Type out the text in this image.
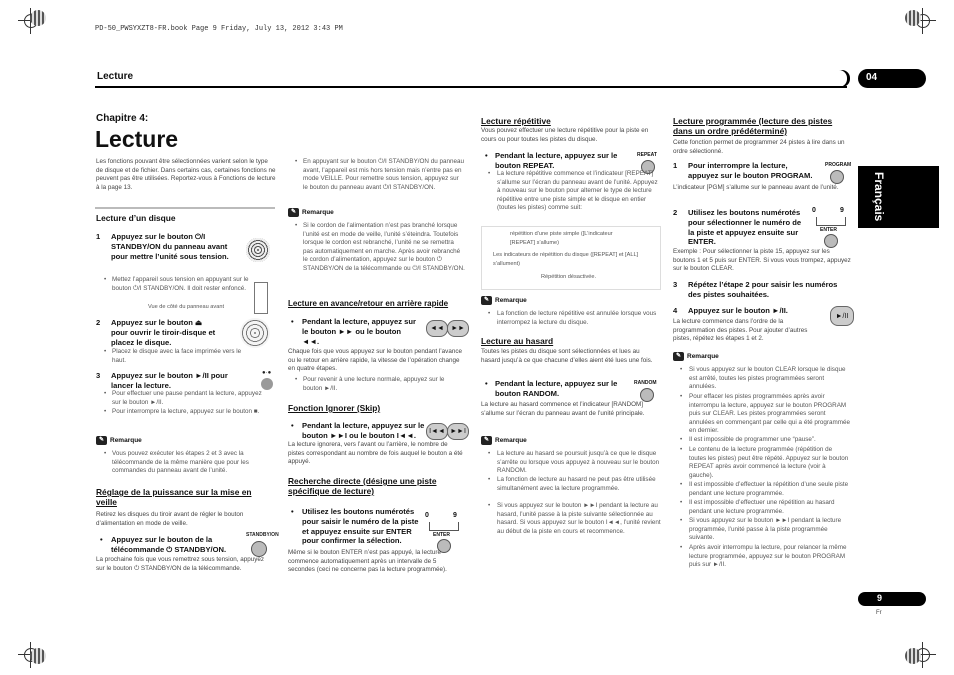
PD-50_PWSYXZT8-FR.book Page 9 Friday, July 13, 2012 3:43 PM
Lecture	04
Français
9
Fr
Chapitre 4:
Lecture
Les fonctions pouvant être sélectionnées varient selon le type de disque et de fichier. Dans certains cas, certaines fonctions ne peuvent pas être utilisées. Reportez-vous à Fonctions de lecture à la page 13.
Lecture d’un disque
1 Appuyez sur le bouton ⏻/I STANDBY/ON du panneau avant pour mettre l’unité sous tension.
• Mettez l’appareil sous tension en appuyant sur le bouton ⏻/I STANDBY/ON. Il doit rester enfoncé.
Vue de côté du panneau avant
2 Appuyez sur le bouton ⏏ pour ouvrir le tiroir-disque et placez le disque.
• Placez le disque avec la face imprimée vers le haut.
3 Appuyez sur le bouton ►/II pour lancer la lecture.
●·●
• Pour effectuer une pause pendant la lecture, appuyez sur le bouton ►/II.
• Pour interrompre la lecture, appuyez sur le bouton ■.
✎ Remarque
• Vous pouvez exécuter les étapes 2 et 3 avec la télécommande de la même manière que pour les commandes du panneau avant de l’unité.
Réglage de la puissance sur la mise en veille
Retirez les disques du tiroir avant de régler le bouton d’alimentation en mode de veille.
• Appuyez sur le bouton de la télécommande ⏻ STANDBY/ON.
STANDBY/ON
La prochaine fois que vous remettrez sous tension, appuyez sur le bouton ⏻ STANDBY/ON de la télécommande.
• En appuyant sur le bouton ⏻/I STANDBY/ON du panneau avant, l’appareil est mis hors tension mais n’entre pas en mode VEILLE. Pour remettre sous tension, appuyez sur le bouton du panneau avant ⏻/I STANDBY/ON.
✎ Remarque
• Si le cordon de l’alimentation n’est pas branché lorsque l’unité est en mode de veille, l’unité s’éteindra. Toutefois lorsque le cordon est rebranché, l’unité ne se remettra pas automatiquement en marche. Après avoir rebranché le cordon d’alimentation, appuyez sur le bouton ⏻ STANDBY/ON de la télécommande ou ⏻/I STANDBY/ON.
Lecture en avance/retour en arrière rapide
• Pendant la lecture, appuyez sur le bouton ►► ou le bouton ◄◄.
◄◄	►►
Chaque fois que vous appuyez sur le bouton pendant l’avance ou le retour en arrière rapide, la vitesse de l’opération change en quatre étapes.
• Pour revenir à une lecture normale, appuyez sur le bouton ►/II.
Fonction Ignorer (Skip)
• Pendant la lecture, appuyez sur le bouton ►►I ou le bouton I◄◄.	I◄◄ ►►I
La lecture ignorera, vers l’avant ou l’arrière, le nombre de pistes correspondant au nombre de fois auquel le bouton a été appuyé.
Recherche directe (désigne une piste spécifique de lecture)
• Utilisez les boutons numérotés pour saisir le numéro de la piste et appuyez ensuite sur ENTER pour confirmer la sélection.
0	9
ENTER
Même si le bouton ENTER n’est pas appuyé, la lecture commence automatiquement après un intervalle de 5 secondes (ceci ne concerne pas la lecture programmée).
Lecture répétitive
Vous pouvez effectuer une lecture répétitive pour la piste en cours ou pour toutes les pistes du disque.
• Pendant la lecture, appuyez sur le bouton REPEAT.
REPEAT
• La lecture répétitive commence et l’indicateur [REPEAT] s’allume sur l’écran du panneau avant de l’unité. Appuyez à nouveau sur le bouton pour alterner le type de lecture répétitive entre une piste simple et le disque en entier (toutes les pistes) comme suit:
répétition d’une piste simple ([L’indicateur [REPEAT] s’allume)
Les indicateurs de répétition du disque ([REPEAT] et [ALL] s’allument)
Répétition désactivée.
✎ Remarque
• La fonction de lecture répétitive est annulée lorsque vous interrompez la lecture du disque.
Lecture au hasard
Toutes les pistes du disque sont sélectionnées et lues au hasard jusqu’à ce que chacune d’elles aient été lues une fois.
• Pendant la lecture, appuyez sur le bouton RANDOM.
RANDOM
La lecture au hasard commence et l’indicateur [RANDOM] s’allume sur l’écran du panneau avant de l’unité principale.
✎ Remarque
• La lecture au hasard se poursuit jusqu’à ce que le disque s’arrête ou lorsque vous appuyez à nouveau sur le bouton RANDOM.
• La fonction de lecture au hasard ne peut pas être utilisée simultanément avec la lecture programmée.
• Si vous appuyez sur le bouton ►►I pendant la lecture au hasard, l’unité passe à la piste suivante sélectionnée au hasard. Si vous appuyez sur le bouton I◄◄, l’unité revient au début de la piste en cours et recommence.
Lecture programmée (lecture des pistes dans un ordre prédéterminé)
Cette fonction permet de programmer 24 pistes à lire dans un ordre sélectionné.
1 Pour interrompre la lecture, appuyez sur le bouton PROGRAM.
PROGRAM
L’indicateur [PGM] s’allume sur le panneau avant de l’unité.
2 Utilisez les boutons numérotés pour sélectionner le numéro de la piste et appuyez ensuite sur ENTER.
0	9
ENTER
Exemple : Pour sélectionner la piste 15, appuyez sur les boutons 1 et 5 puis sur ENTER. Si vous vous trompez, appuyez sur le bouton CLEAR.
3 Répétez l’étape 2 pour saisir les numéros des pistes souhaitées.
4 Appuyez sur le bouton ►/II.
►/II
La lecture commence dans l’ordre de la programmation des pistes. Pour ajouter d’autres pistes, répétez les étapes 1 et 2.
✎ Remarque
• Si vous appuyez sur le bouton CLEAR lorsque le disque est arrêté, toutes les pistes programmées seront annulées.
• Pour effacer les pistes programmées après avoir interrompu la lecture, appuyez sur le bouton PROGRAM puis sur CLEAR. Les pistes programmées seront annulées en commençant par celle qui a été programmée en dernier.
• Il est impossible de programmer une “pause”.
• Le contenu de la lecture programmée (répétition de toutes les pistes) peut être répété. Appuyez sur le bouton REPEAT après avoir commencé la lecture (voir à gauche).
• Il est impossible d’effectuer la répétition d’une seule piste pendant une lecture programmée.
• Il est impossible d’effectuer une répétition au hasard pendant une lecture programmée.
• Si vous appuyez sur le bouton ►►I pendant la lecture programmée, l’unité passe à la piste programmée suivante.
• Après avoir interrompu la lecture, pour relancer la même lecture programmée, appuyez sur le bouton PROGRAM puis sur ►/II.
